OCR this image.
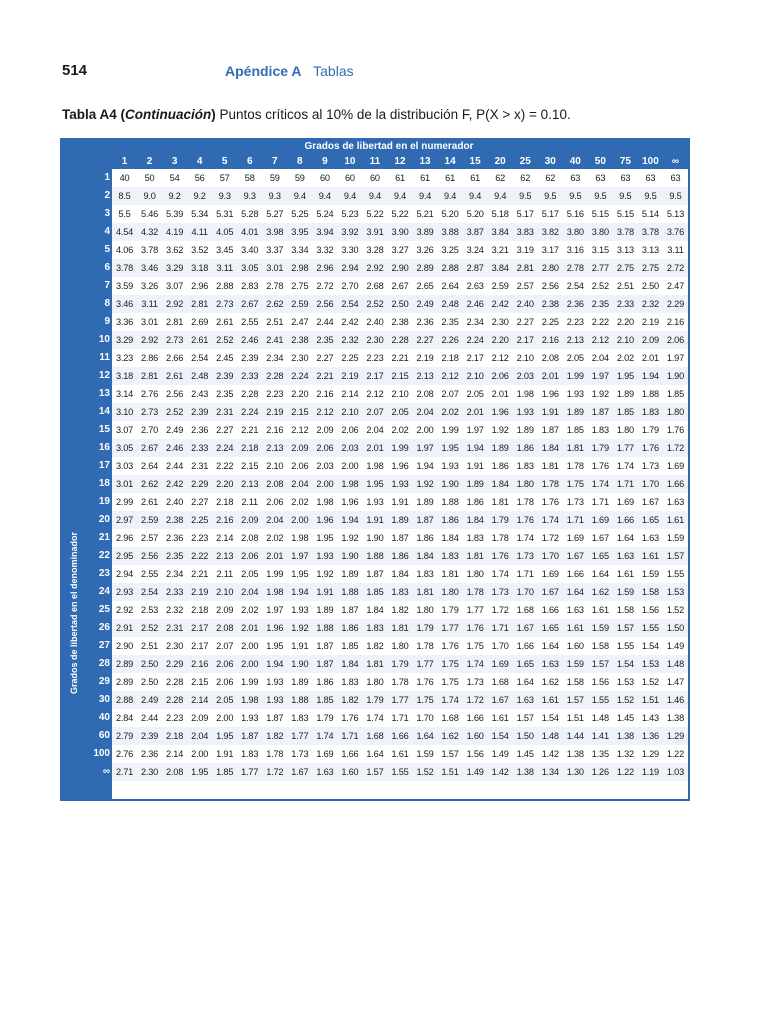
514	Apéndice A Tablas
Tabla A4 (Continuación) Puntos críticos al 10% de la distribución F, P(X > x) = 0.10.
Grados de libertad en el denominador
Grados de libertad en el numerador
1	2	3	4	5	6	7	8	9	10	11	12	13	14	15	20	25	30	40	50	75	100	∞
1	40	50	54	56	57	58	59	59	60	60	60	61	61	61	61	62	62	62	63	63	63	63	63
2 8.5	9.0	9.2	9.2	9.3	9.3	9.3	9.4	9.4	9.4	9.4	9.4	9.4	9.4	9.4	9.4	9.5	9.5	9.5	9.5	9.5	9.5	9.5
3 5.5	5.46 5.39 5.34 5.31 5.28 5.27 5.25 5.24 5.23 5.22 5.22 5.21 5.20 5.20 5.18 5.17 5.17 5.16 5.15 5.15 5.14 5.13
4 4.54 4.32 4.19 4.11 4.05 4.01 3.98 3.95 3.94 3.92 3.91 3.90 3.89 3.88 3.87 3.84 3.83 3.82 3.80 3.80 3.78 3.78 3.76
5 4.06 3.78 3.62 3.52 3.45 3.40 3.37 3.34 3.32 3.30 3.28 3.27 3.26 3.25 3.24 3.21 3.19 3.17 3.16 3.15 3.13 3.13 3.11
6 3.78 3.46 3.29 3.18 3.11 3.05 3.01 2.98 2.96 2.94 2.92 2.90 2.89 2.88 2.87 3.84 2.81 2.80 2.78 2.77 2.75 2.75 2.72
7 3.59 3.26 3.07 2.96 2.88 2.83 2.78 2.75 2.72 2.70 2.68 2.67 2.65 2.64 2.63 2.59 2.57 2.56 2.54 2.52 2.51 2.50 2.47
8 3.46 3.11 2.92 2.81 2.73 2.67 2.62 2.59 2.56 2.54 2.52 2.50 2.49 2.48 2.46 2.42 2.40 2.38 2.36 2.35 2.33 2.32 2.29
9 3.36 3.01 2.81 2.69 2.61 2.55 2.51 2.47 2.44 2.42 2.40 2.38 2.36 2.35 2.34 2.30 2.27 2.25 2.23 2.22 2.20 2.19 2.16
10 3.29 2.92 2.73 2.61 2.52 2.46 2.41 2.38 2.35 2.32 2.30 2.28 2.27 2.26 2.24 2.20 2.17 2.16 2.13 2.12 2.10 2.09 2.06
11 3.23 2.86 2.66 2.54 2.45 2.39 2.34 2.30 2.27 2.25 2.23 2.21 2.19 2.18 2.17 2.12 2.10 2.08 2.05 2.04 2.02 2.01 1.97
12 3.18 2.81 2.61 2.48 2.39 2.33 2.28 2.24 2.21 2.19 2.17 2.15 2.13 2.12 2.10 2.06 2.03 2.01 1.99 1.97 1.95 1.94 1.90
13 3.14 2.76 2.56 2.43 2.35 2.28 2.23 2.20 2.16 2.14 2.12 2.10 2.08 2.07 2.05 2.01 1.98 1.96 1.93 1.92 1.89 1.88 1.85
14 3.10 2.73 2.52 2.39 2.31 2.24 2.19 2.15 2.12 2.10 2.07 2.05 2.04 2.02 2.01 1.96 1.93 1.91 1.89 1.87 1.85 1.83 1.80
15 3.07 2.70 2.49 2.36 2.27 2.21 2.16 2.12 2.09 2.06 2.04 2.02 2.00 1.99 1.97 1.92 1.89 1.87 1.85 1.83 1.80 1.79 1.76
16 3.05 2.67 2.46 2.33 2.24 2.18 2.13 2.09 2.06 2.03 2.01 1.99 1.97 1.95 1.94 1.89 1.86 1.84 1.81 1.79 1.77 1.76 1.72
17 3.03 2.64 2.44 2.31 2.22 2.15 2.10 2.06 2.03 2.00 1.98 1.96 1.94 1.93 1.91 1.86 1.83 1.81 1.78 1.76 1.74 1.73 1.69
18 3.01 2.62 2.42 2.29 2.20 2.13 2.08 2.04 2.00 1.98 1.95 1.93 1.92 1.90 1.89 1.84 1.80 1.78 1.75 1.74 1.71 1.70 1.66
19 2.99 2.61 2.40 2.27 2.18 2.11 2.06 2.02 1.98 1.96 1.93 1.91 1.89 1.88 1.86 1.81 1.78 1.76 1.73 1.71 1.69 1.67 1.63
20 2.97 2.59 2.38 2.25 2.16 2.09 2.04 2.00 1.96 1.94 1.91 1.89 1.87 1.86 1.84 1.79 1.76 1.74 1.71 1.69 1.66 1.65 1.61
21 2.96 2.57 2.36 2.23 2.14 2.08 2.02 1.98 1.95 1.92 1.90 1.87 1.86 1.84 1.83 1.78 1.74 1.72 1.69 1.67 1.64 1.63 1.59
22 2.95 2.56 2.35 2.22 2.13 2.06 2.01 1.97 1.93 1.90 1.88 1.86 1.84 1.83 1.81 1.76 1.73 1.70 1.67 1.65 1.63 1.61 1.57
23 2.94 2.55 2.34 2.21 2.11 2.05 1.99 1.95 1.92 1.89 1.87 1.84 1.83 1.81 1.80 1.74 1.71 1.69 1.66 1.64 1.61 1.59 1.55
24 2.93 2.54 2.33 2.19 2.10 2.04 1.98 1.94 1.91 1.88 1.85 1.83 1.81 1.80 1.78 1.73 1.70 1.67 1.64 1.62 1.59 1.58 1.53
25 2.92 2.53 2.32 2.18 2.09 2.02 1.97 1.93 1.89 1.87 1.84 1.82 1.80 1.79 1.77 1.72 1.68 1.66 1.63 1.61 1.58 1.56 1.52
26 2.91 2.52 2.31 2.17 2.08 2.01 1.96 1.92 1.88 1.86 1.83 1.81 1.79 1.77 1.76 1.71 1.67 1.65 1.61 1.59 1.57 1.55 1.50
27 2.90 2.51 2.30 2.17 2.07 2.00 1.95 1.91 1.87 1.85 1.82 1.80 1.78 1.76 1.75 1.70 1.66 1.64 1.60 1.58 1.55 1.54 1.49
28 2.89 2.50 2.29 2.16 2.06 2.00 1.94 1.90 1.87 1.84 1.81 1.79 1.77 1.75 1.74 1.69 1.65 1.63 1.59 1.57 1.54 1.53 1.48
29 2.89 2.50 2.28 2.15 2.06 1.99 1.93 1.89 1.86 1.83 1.80 1.78 1.76 1.75 1.73 1.68 1.64 1.62 1.58 1.56 1.53 1.52 1.47
30 2.88 2.49 2.28 2.14 2.05 1.98 1.93 1.88 1.85 1.82 1.79 1.77 1.75 1.74 1.72 1.67 1.63 1.61 1.57 1.55 1.52 1.51 1.46
40 2.84 2.44 2.23 2.09 2.00 1.93 1.87 1.83 1.79 1.76 1.74 1.71 1.70 1.68 1.66 1.61 1.57 1.54 1.51 1.48 1.45 1.43 1.38
60 2.79 2.39 2.18 2.04 1.95 1.87 1.82 1.77 1.74 1.71 1.68 1.66 1.64 1.62 1.60 1.54 1.50 1.48 1.44 1.41 1.38 1.36 1.29
100 2.76 2.36 2.14 2.00 1.91 1.83 1.78 1.73 1.69 1.66 1.64 1.61 1.59 1.57 1.56 1.49 1.45 1.42 1.38 1.35 1.32 1.29 1.22
∞ 2.71 2.30 2.08 1.95 1.85 1.77 1.72 1.67 1.63 1.60 1.57 1.55 1.52 1.51 1.49 1.42 1.38 1.34 1.30 1.26 1.22 1.19 1.03
